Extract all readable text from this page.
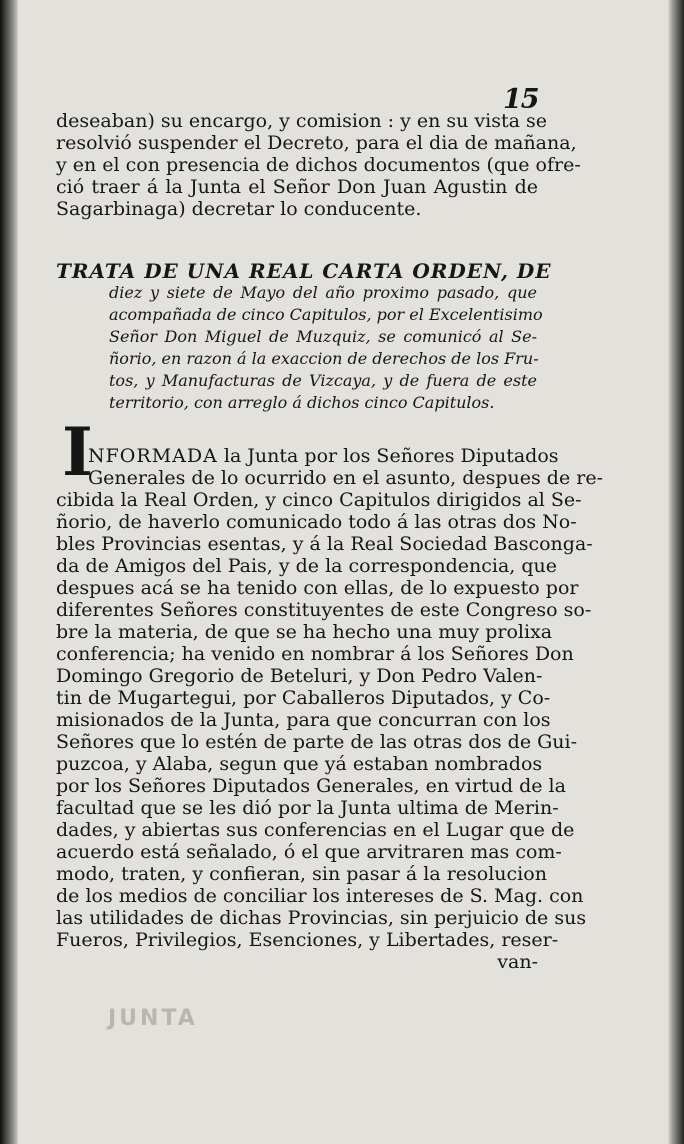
15
deseaban) su encargo, y comision : y en su vista se
resolvió suspender el Decreto, para el dia de mañana,
y en el con presencia de dichos documentos (que ofre-
ció traer á la Junta el Señor Don Juan Agustin de
Sagarbinaga) decretar lo conducente.
TRATA DE UNA REAL CARTA ORDEN, DE
diez y siete de Mayo del año proximo pasado, que
acompañada de cinco Capitulos, por el Excelentisimo
Señor Don Miguel de Muzquiz, se comunicó al Se-
ñorio, en razon á la exaccion de derechos de los Fru-
tos, y Manufacturas de Vizcaya, y de fuera de este
territorio, con arreglo á dichos cinco Capitulos.
I
NFORMADA la Junta por los Señores Diputados
Generales de lo ocurrido en el asunto, despues de re-
cibida la Real Orden, y cinco Capitulos dirigidos al Se-
ñorio, de haverlo comunicado todo á las otras dos No-
bles Provincias esentas, y á la Real Sociedad Basconga-
da de Amigos del Pais, y de la correspondencia, que
despues acá se ha tenido con ellas, de lo expuesto por
diferentes Señores constituyentes de este Congreso so-
bre la materia, de que se ha hecho una muy prolixa
conferencia; ha venido en nombrar á los Señores Don
Domingo Gregorio de Beteluri, y Don Pedro Valen-
tin de Mugartegui, por Caballeros Diputados, y Co-
misionados de la Junta, para que concurran con los
Señores que lo estén de parte de las otras dos de Gui-
puzcoa, y Alaba, segun que yá estaban nombrados
por los Señores Diputados Generales, en virtud de la
facultad que se les dió por la Junta ultima de Merin-
dades, y abiertas sus conferencias en el Lugar que de
acuerdo está señalado, ó el que arvitraren mas com-
modo, traten, y confieran, sin pasar á la resolucion
de los medios de conciliar los intereses de S. Mag. con
las utilidades de dichas Provincias, sin perjuicio de sus
Fueros, Privilegios, Esenciones, y Libertades, reser-
van-
JUNTA
